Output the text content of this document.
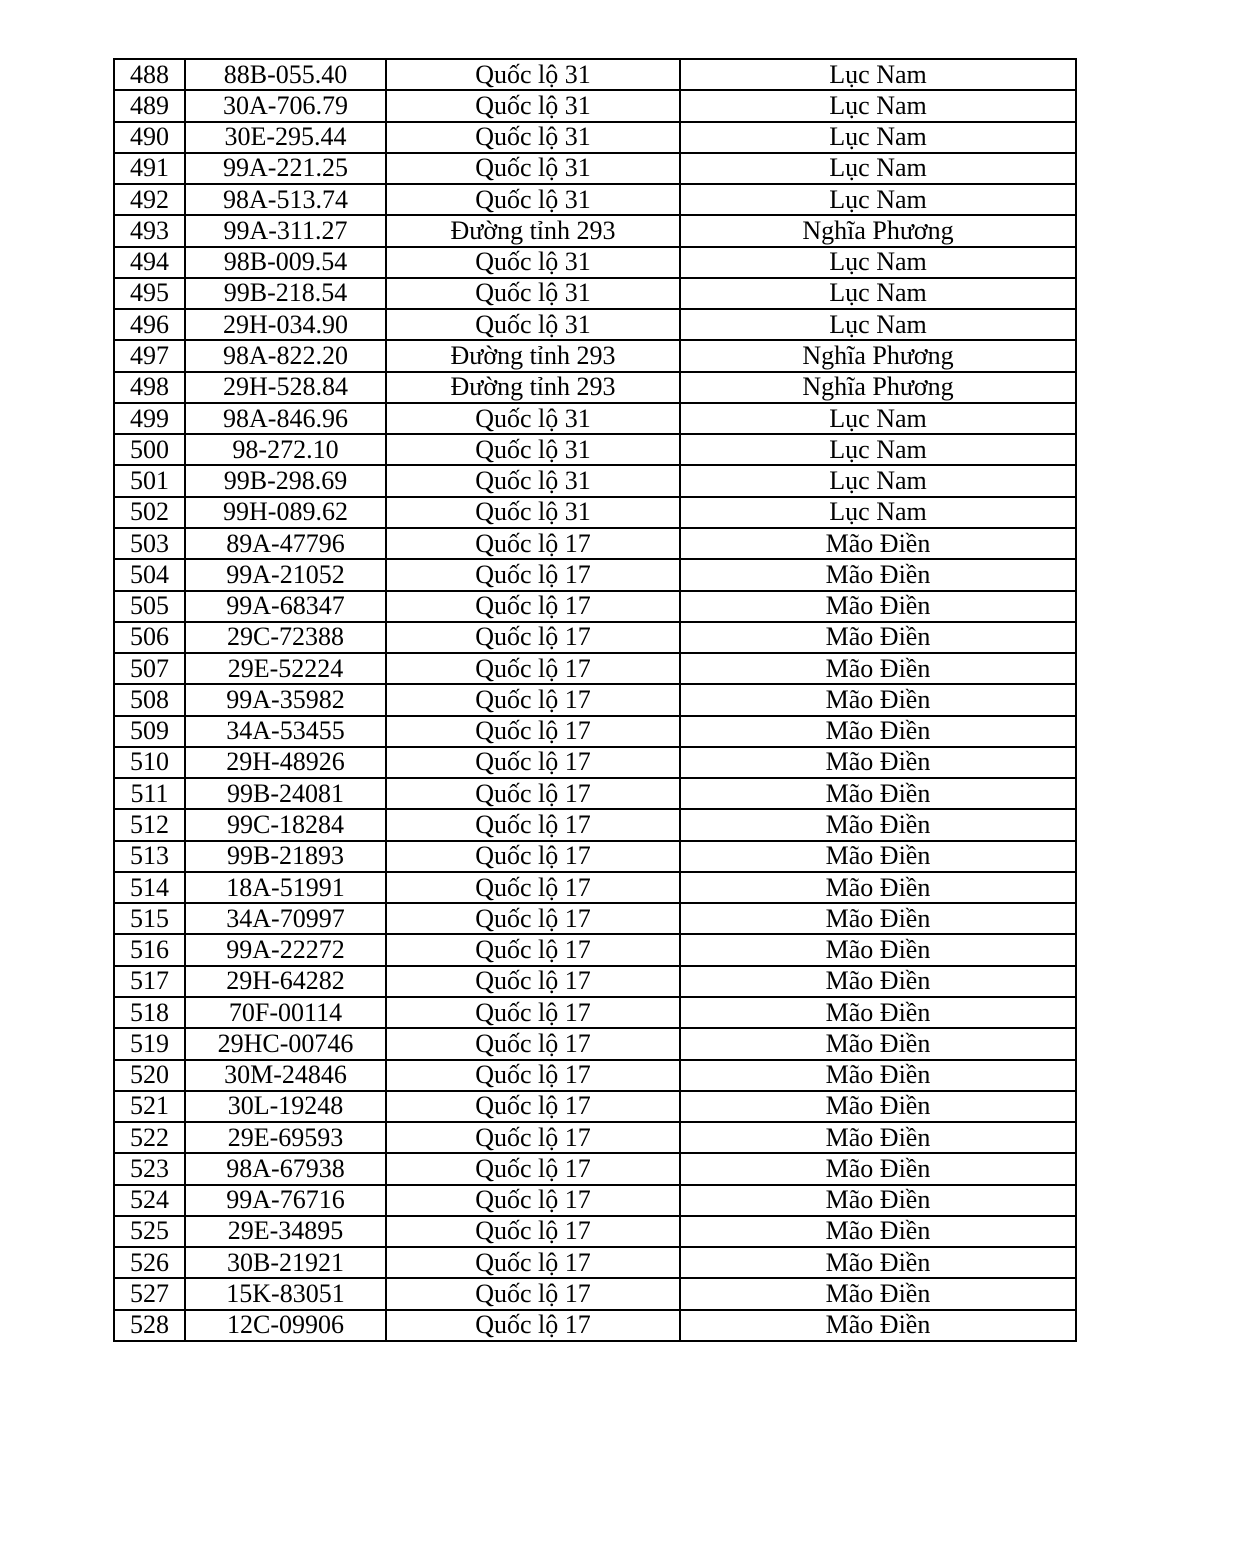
488	88B-055.40	Quốc lộ 31	Lục Nam
489	30A-706.79	Quốc lộ 31	Lục Nam
490	30E-295.44	Quốc lộ 31	Lục Nam
491	99A-221.25	Quốc lộ 31	Lục Nam
492	98A-513.74	Quốc lộ 31	Lục Nam
493	99A-311.27	Đường tỉnh 293	Nghĩa Phương
494	98B-009.54	Quốc lộ 31	Lục Nam
495	99B-218.54	Quốc lộ 31	Lục Nam
496	29H-034.90	Quốc lộ 31	Lục Nam
497	98A-822.20	Đường tỉnh 293	Nghĩa Phương
498	29H-528.84	Đường tỉnh 293	Nghĩa Phương
499	98A-846.96	Quốc lộ 31	Lục Nam
500	98-272.10	Quốc lộ 31	Lục Nam
501	99B-298.69	Quốc lộ 31	Lục Nam
502	99H-089.62	Quốc lộ 31	Lục Nam
503	89A-47796	Quốc lộ 17	Mão Điền
504	99A-21052	Quốc lộ 17	Mão Điền
505	99A-68347	Quốc lộ 17	Mão Điền
506	29C-72388	Quốc lộ 17	Mão Điền
507	29E-52224	Quốc lộ 17	Mão Điền
508	99A-35982	Quốc lộ 17	Mão Điền
509	34A-53455	Quốc lộ 17	Mão Điền
510	29H-48926	Quốc lộ 17	Mão Điền
511	99B-24081	Quốc lộ 17	Mão Điền
512	99C-18284	Quốc lộ 17	Mão Điền
513	99B-21893	Quốc lộ 17	Mão Điền
514	18A-51991	Quốc lộ 17	Mão Điền
515	34A-70997	Quốc lộ 17	Mão Điền
516	99A-22272	Quốc lộ 17	Mão Điền
517	29H-64282	Quốc lộ 17	Mão Điền
518	70F-00114	Quốc lộ 17	Mão Điền
519	29HC-00746	Quốc lộ 17	Mão Điền
520	30M-24846	Quốc lộ 17	Mão Điền
521	30L-19248	Quốc lộ 17	Mão Điền
522	29E-69593	Quốc lộ 17	Mão Điền
523	98A-67938	Quốc lộ 17	Mão Điền
524	99A-76716	Quốc lộ 17	Mão Điền
525	29E-34895	Quốc lộ 17	Mão Điền
526	30B-21921	Quốc lộ 17	Mão Điền
527	15K-83051	Quốc lộ 17	Mão Điền
528	12C-09906	Quốc lộ 17	Mão Điền
